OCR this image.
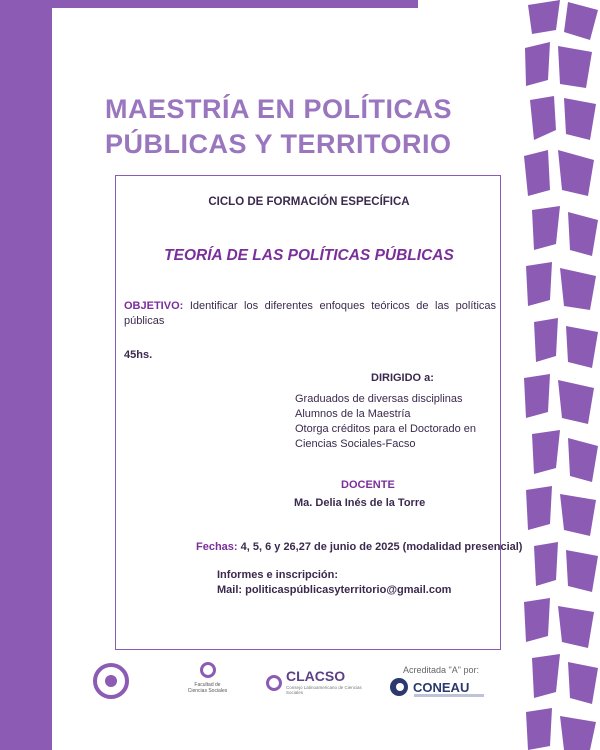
MAESTRÍA EN POLÍTICAS
PÚBLICAS Y TERRITORIO
CICLO DE FORMACIÓN ESPECÍFICA
TEORÍA DE LAS POLÍTICAS PÚBLICAS
OBJETIVO: Identificar los diferentes enfoques teóricos de las políticas públicas
45hs.
DIRIGIDO a:
Graduados de diversas disciplinas
Alumnos de la Maestría
Otorga créditos para el Doctorado en
Ciencias Sociales-Facso
DOCENTE
Ma. Delia Inés de la Torre
Fechas: 4, 5, 6 y 26,27 de junio de 2025 (modalidad presencial)
Informes e inscripción:
Mail: politicaspúblicasyterritorio@gmail.com
Facultad de Ciencias Sociales
CLACSO
Consejo Latinoamericano de Ciencias Sociales
Acreditada "A" por:
CONEAU
